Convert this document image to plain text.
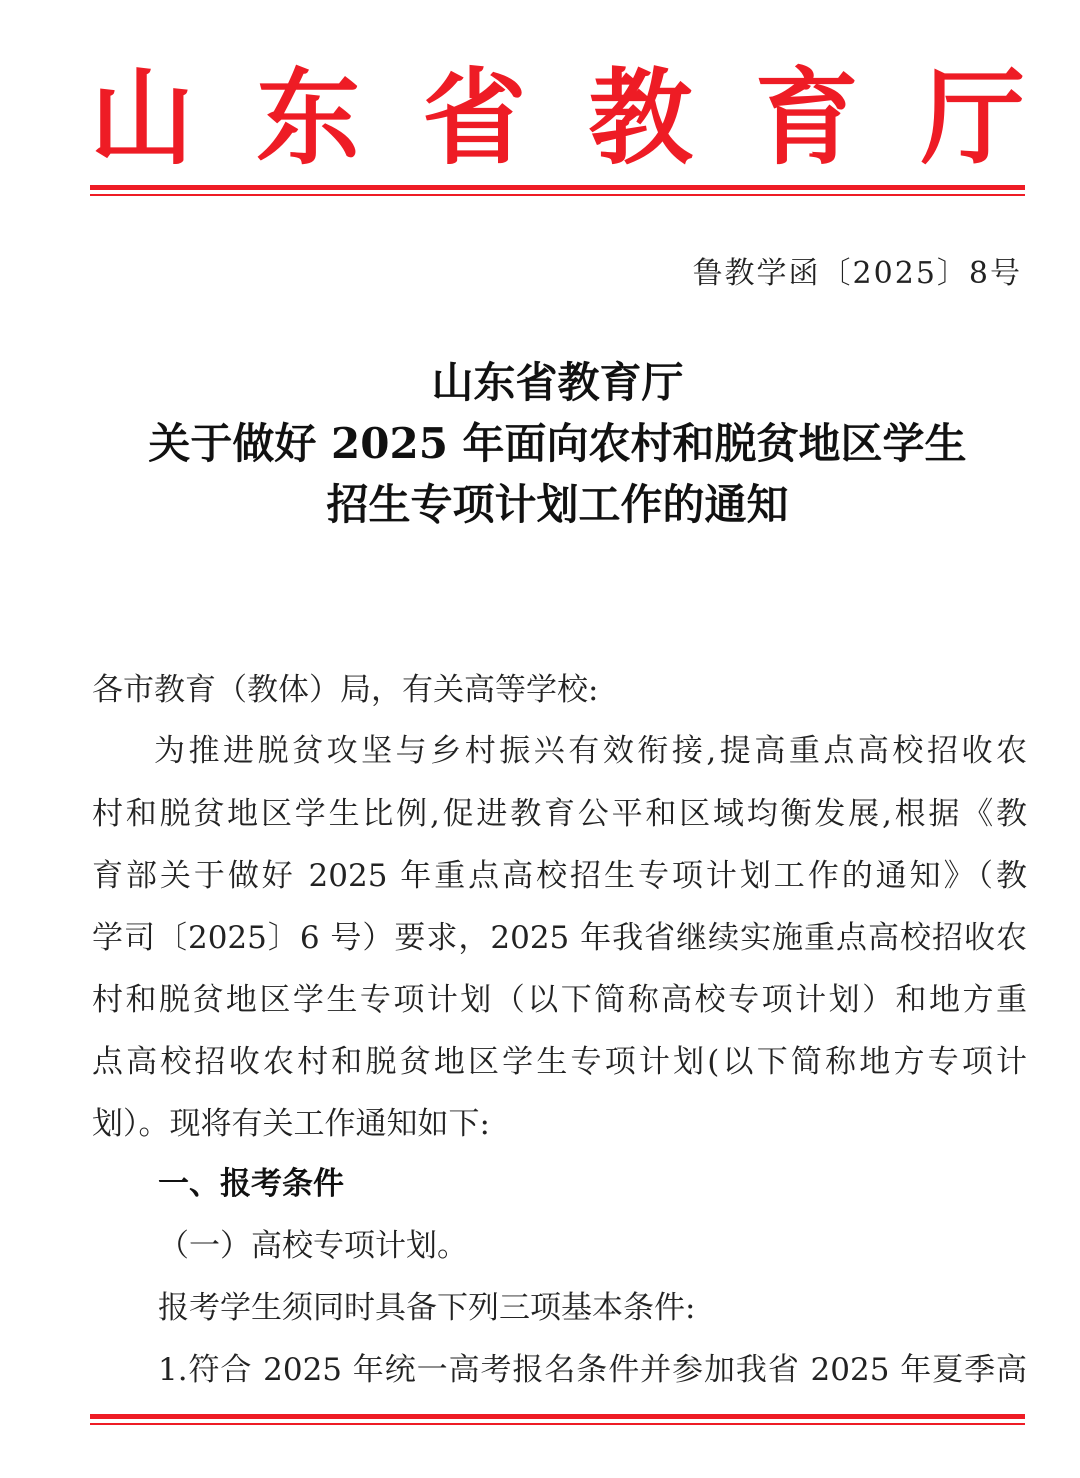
山 东 省 教 育 厅
鲁教学函〔2025〕8号
山东省教育厅
关于做好 2025 年面向农村和脱贫地区学生
招生专项计划工作的通知
各市教育（教体）局，有关高等学校:
为推进脱贫攻坚与乡村振兴有效衔接,提高重点高校招收农
村和脱贫地区学生比例,促进教育公平和区域均衡发展,根据《教
育部关于做好 2025 年重点高校招生专项计划工作的通知》（教
学司〔2025〕6 号）要求，2025 年我省继续实施重点高校招收农
村和脱贫地区学生专项计划（以下简称高校专项计划）和地方重
点高校招收农村和脱贫地区学生专项计划(以下简称地方专项计
划）。现将有关工作通知如下:
一、报考条件
（一）高校专项计划。
报考学生须同时具备下列三项基本条件:
1.符合 2025 年统一高考报名条件并参加我省 2025 年夏季高
